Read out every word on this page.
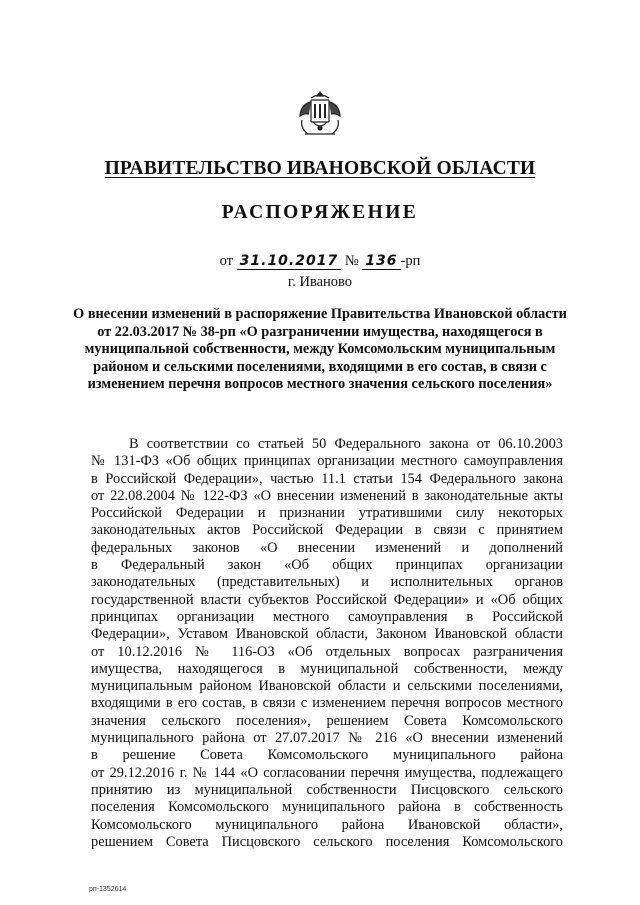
ПРАВИТЕЛЬСТВО ИВАНОВСКОЙ ОБЛАСТИ
РАСПОРЯЖЕНИЕ
от 31.10.2017 № 136 -рп
г. Иваново
О внесении изменений в распоряжение Правительства Ивановской области от 22.03.2017 № 38-рп «О разграничении имущества, находящегося в муниципальной собственности, между Комсомольским муниципальным районом и сельскими поселениями, входящими в его состав, в связи с изменением перечня вопросов местного значения сельского поселения»
В соответствии со статьей 50 Федерального закона от 06.10.2003
№ 131-ФЗ «Об общих принципах организации местного самоуправления
в Российской Федерации», частью 11.1 статьи 154 Федерального закона
от 22.08.2004 № 122-ФЗ «О внесении изменений в законодательные акты
Российской Федерации и признании утратившими силу некоторых
законодательных актов Российской Федерации в связи с принятием
федеральных законов «О внесении изменений и дополнений
в Федеральный закон «Об общих принципах организации
законодательных (представительных) и исполнительных органов
государственной власти субъектов Российской Федерации» и «Об общих
принципах организации местного самоуправления в Российской
Федерации», Уставом Ивановской области, Законом Ивановской области
от 10.12.2016 № 116-ОЗ «Об отдельных вопросах разграничения
имущества, находящегося в муниципальной собственности, между
муниципальным районом Ивановской области и сельскими поселениями,
входящими в его состав, в связи с изменением перечня вопросов местного
значения сельского поселения», решением Совета Комсомольского
муниципального района от 27.07.2017 № 216 «О внесении изменений
в решение Совета Комсомольского муниципального района
от 29.12.2016 г. № 144 «О согласовании перечня имущества, подлежащего
принятию из муниципальной собственности Писцовского сельского
поселения Комсомольского муниципального района в собственность
Комсомольского муниципального района Ивановской области»,
решением Совета Писцовского сельского поселения Комсомольского
рп-1352614
